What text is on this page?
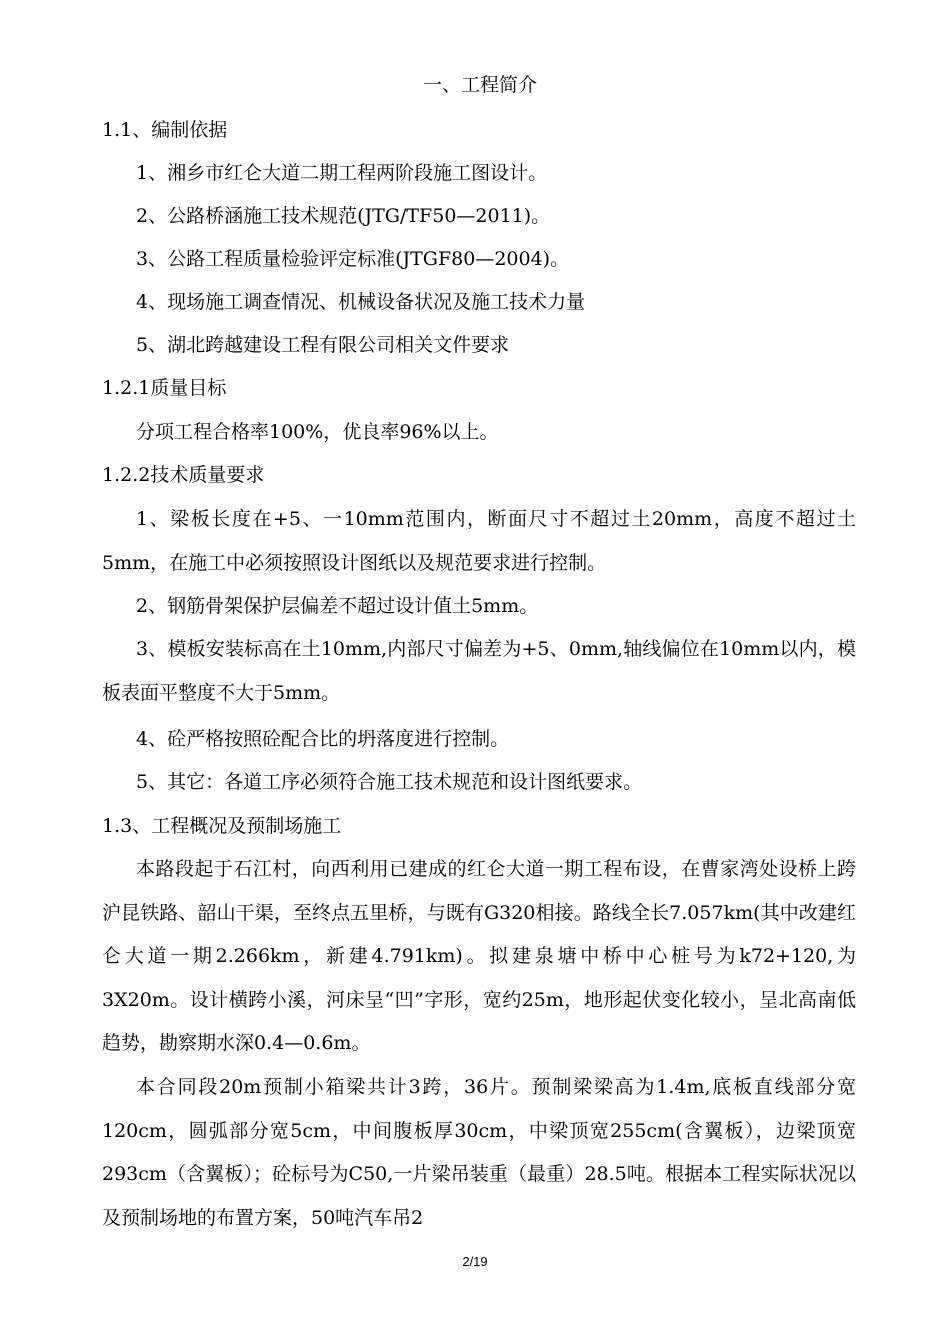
一、工程简介

1.1、编制依据

1、湘乡市红仑大道二期工程两阶段施工图设计。

2、公路桥涵施工技术规范(JTG/TF50—2011)。

3、公路工程质量检验评定标准(JTGF80—2004)。

4、现场施工调查情况、机械设备状况及施工技术力量

5、湖北跨越建设工程有限公司相关文件要求

1.2.1质量目标

分项工程合格率100%，优良率96%以上。

1.2.2技术质量要求

1、梁板长度在+5、一10mm范围内，断面尺寸不超过土20mm，高度不超过土5mm，在施工中必须按照设计图纸以及规范要求进行控制。

2、钢筋骨架保护层偏差不超过设计值土5mm。

3、模板安装标高在土10mm,内部尺寸偏差为+5、0mm,轴线偏位在10mm以内，模板表面平整度不大于5mm。

4、砼严格按照砼配合比的坍落度进行控制。

5、其它：各道工序必须符合施工技术规范和设计图纸要求。

1.3、工程概况及预制场施工

本路段起于石江村，向西利用已建成的红仑大道一期工程布设，在曹家湾处设桥上跨沪昆铁路、韶山干渠，至终点五里桥，与既有G320相接。路线全长7.057km(其中改建红仑大道一期2.266km，新建4.791km)。拟建泉塘中桥中心桩号为k72+120,为3X20m。设计横跨小溪，河床呈“凹”字形，宽约25m，地形起伏变化较小，呈北高南低趋势，勘察期水深0.4—0.6m。

本合同段20m预制小箱梁共计3跨，36片。预制梁梁高为1.4m,底板直线部分宽120cm，圆弧部分宽5cm，中间腹板厚30cm，中梁顶宽255cm(含翼板），边梁顶宽293cm（含翼板）；砼标号为C50,一片梁吊装重（最重）28.5吨。根据本工程实际状况以及预制场地的布置方案，50吨汽车吊2

2/19
